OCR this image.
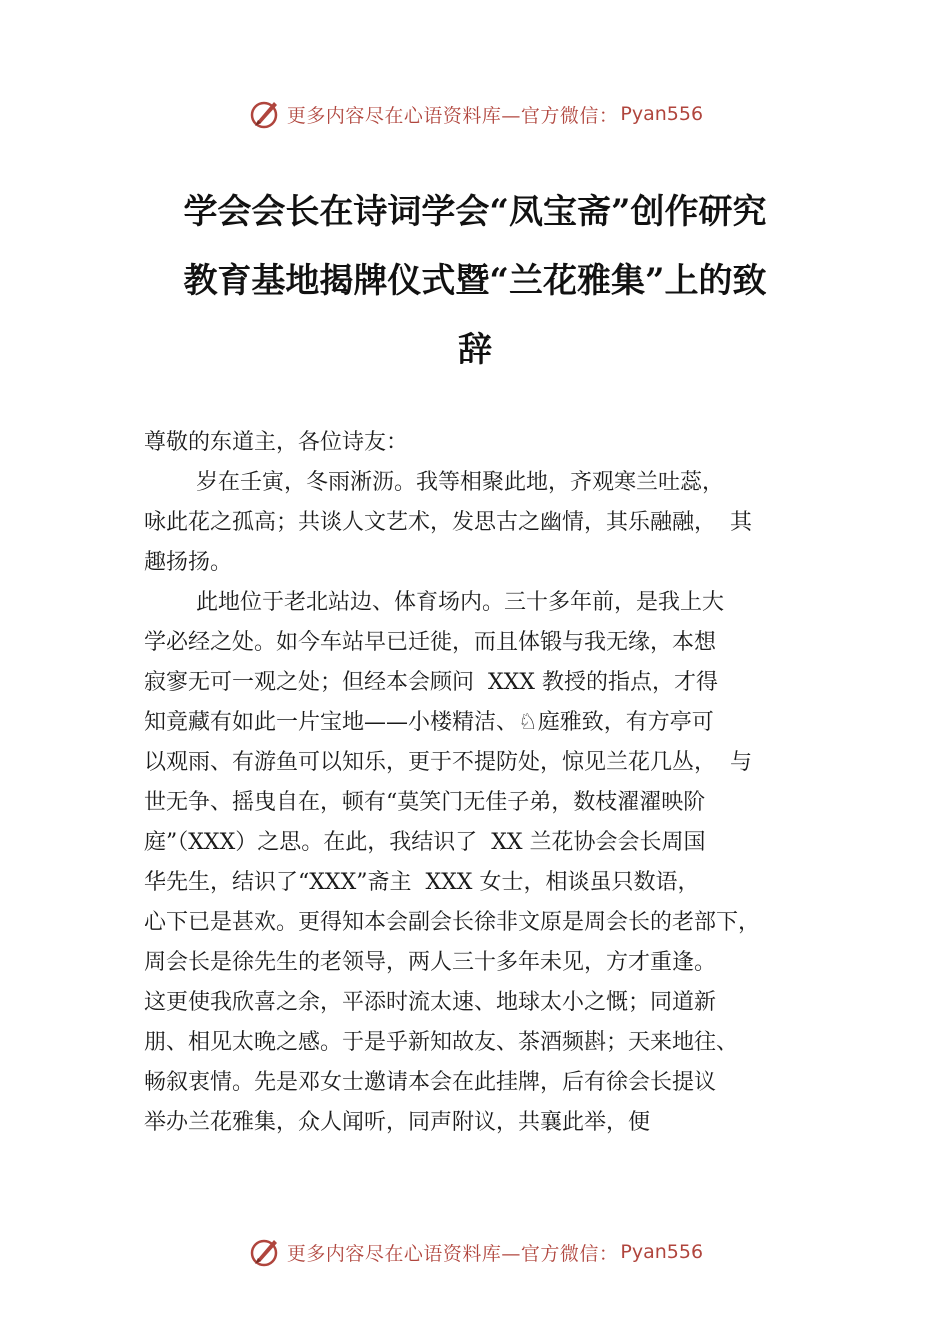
更多内容尽在心语资料库—官方微信： Pyan556
学会会长在诗词学会“凤宝斋”创作研究
教育基地揭牌仪式暨“兰花雅集”上的致
辞
尊敬的东道主，各位诗友：
岁在壬寅，冬雨淅沥。我等相聚此地，齐观寒兰吐蕊，
咏此花之孤高；共谈人文艺术，发思古之幽情，其乐融融，  其
趣扬扬。
此地位于老北站边、体育场内。三十多年前，是我上大
学必经之处。如今车站早已迁徙，而且体锻与我无缘，本想
寂寥无可一观之处；但经本会顾问  XXX 教授的指点，才得
知竟藏有如此一片宝地——小楼精洁、♘庭雅致，有方亭可
以观雨、有游鱼可以知乐，更于不提防处，惊见兰花几丛，  与
世无争、摇曳自在，顿有“莫笑门无佳子弟，数枝濯濯映阶
庭”（XXX）之思。在此，我结识了  XX 兰花协会会长周国
华先生，结识了“XXX”斋主  XXX 女士，相谈虽只数语，
心下已是甚欢。更得知本会副会长徐非文原是周会长的老部下，
周会长是徐先生的老领导，两人三十多年未见，方才重逢。
这更使我欣喜之余，平添时流太速、地球太小之慨；同道新
朋、相见太晚之感。于是乎新知故友、茶酒频斟；天来地往、
畅叙衷情。先是邓女士邀请本会在此挂牌，后有徐会长提议
举办兰花雅集，众人闻听，同声附议，共襄此举，便
更多内容尽在心语资料库—官方微信： Pyan556
